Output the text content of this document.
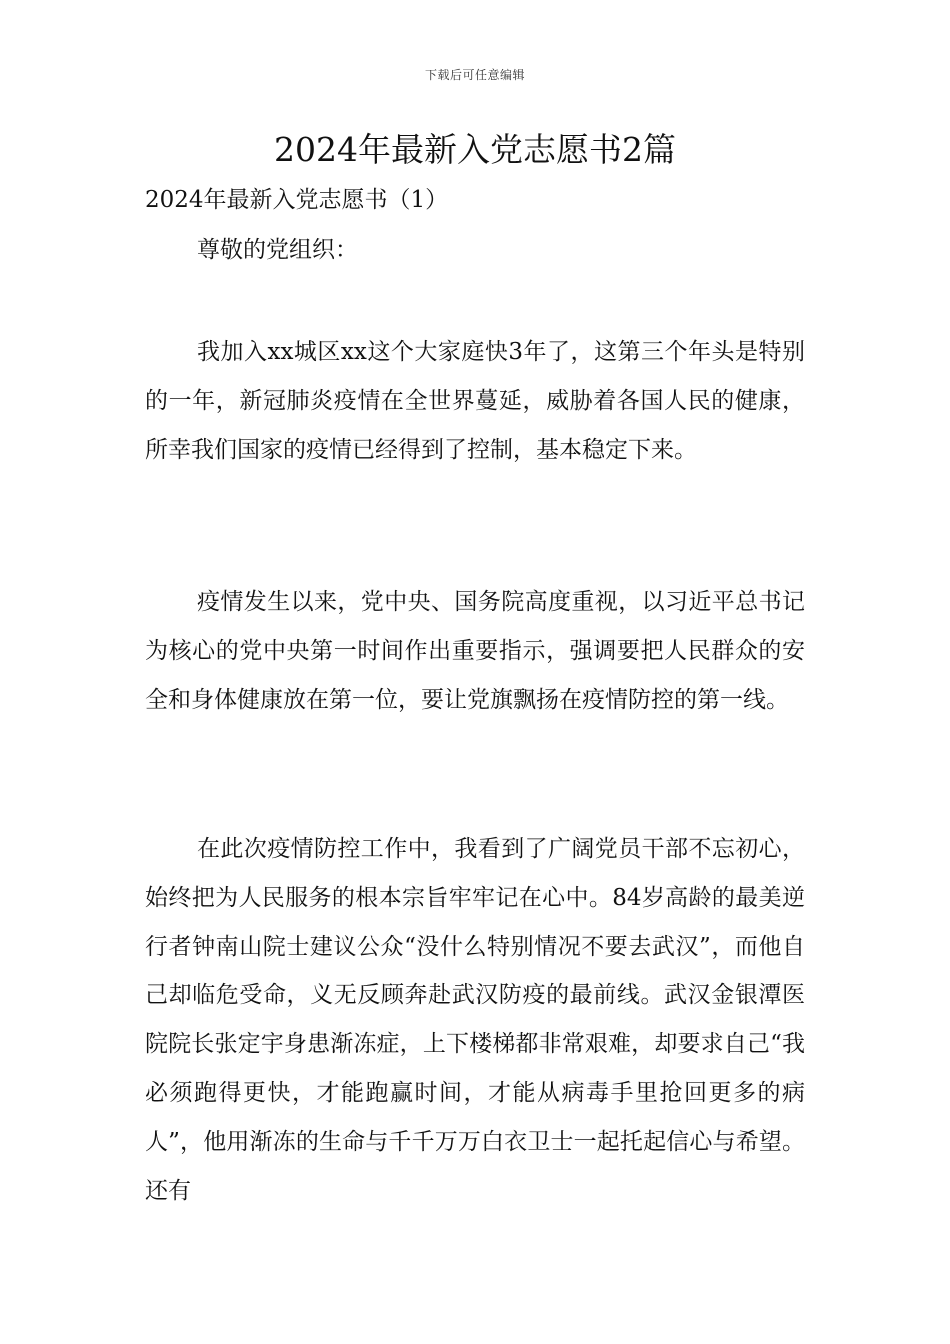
下载后可任意编辑
2024年最新入党志愿书2篇

2024年最新入党志愿书（1）

尊敬的党组织：

我加入xx城区xx这个大家庭快3年了，这第三个年头是特别的一年，新冠肺炎疫情在全世界蔓延，威胁着各国人民的健康，所幸我们国家的疫情已经得到了控制，基本稳定下来。

疫情发生以来，党中央、国务院高度重视，以习近平总书记为核心的党中央第一时间作出重要指示，强调要把人民群众的安全和身体健康放在第一位，要让党旗飘扬在疫情防控的第一线。

在此次疫情防控工作中，我看到了广阔党员干部不忘初心，始终把为人民服务的根本宗旨牢牢记在心中。84岁高龄的最美逆行者钟南山院士建议公众“没什么特别情况不要去武汉”，而他自己却临危受命，义无反顾奔赴武汉防疫的最前线。武汉金银潭医院院长张定宇身患渐冻症，上下楼梯都非常艰难，却要求自己“我必须跑得更快，才能跑赢时间，才能从病毒手里抢回更多的病人”，他用渐冻的生命与千千万万白衣卫士一起托起信心与希望。还有
